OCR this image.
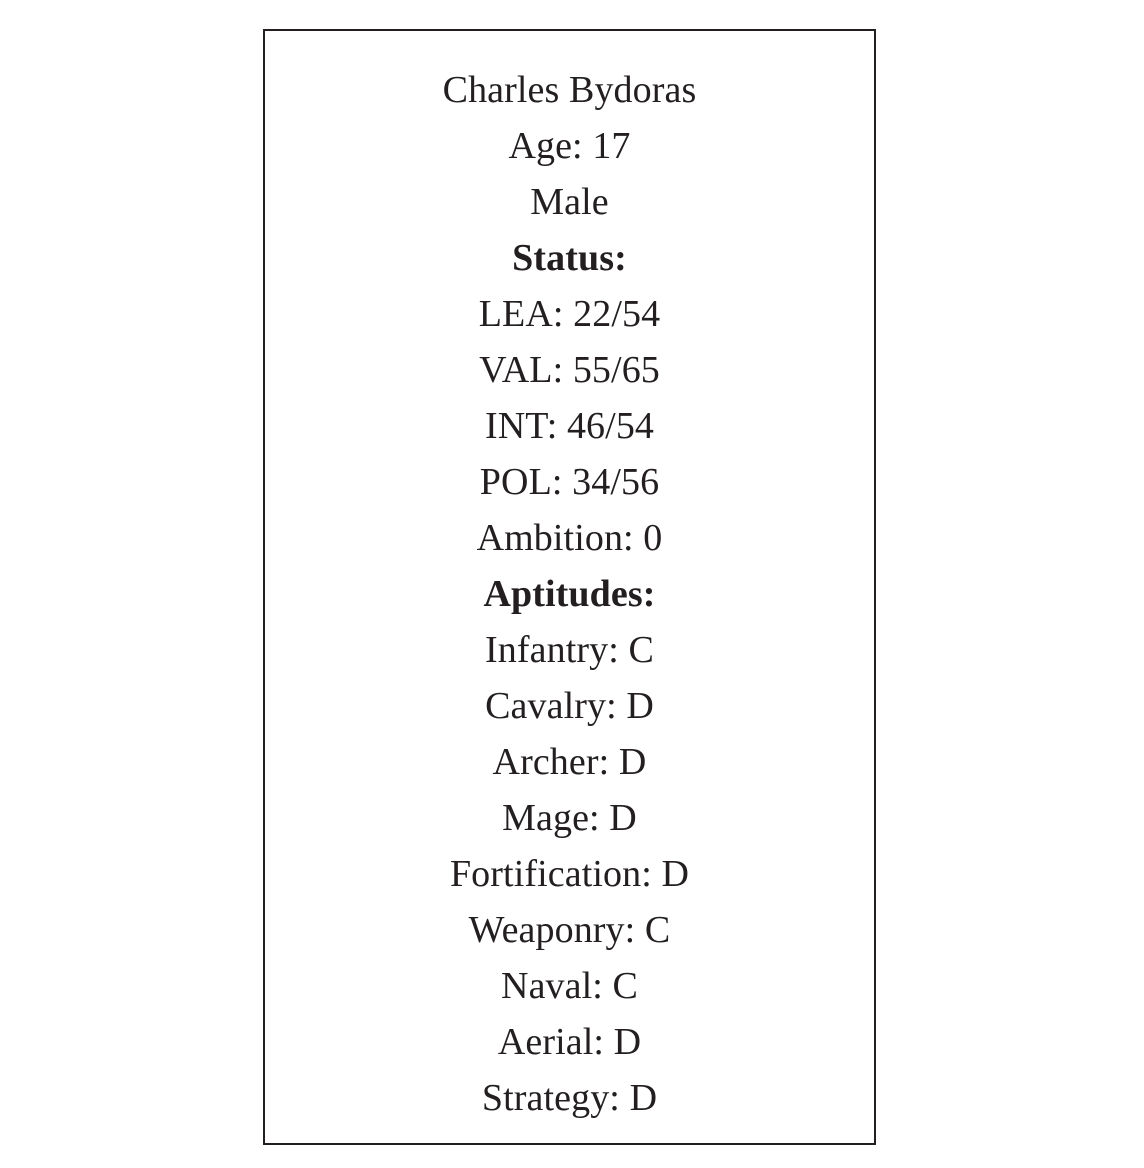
Charles Bydoras
Age: 17
Male
Status:
LEA: 22/54
VAL: 55/65
INT: 46/54
POL: 34/56
Ambition: 0
Aptitudes:
Infantry: C
Cavalry: D
Archer: D
Mage: D
Fortification: D
Weaponry: C
Naval: C
Aerial: D
Strategy: D
